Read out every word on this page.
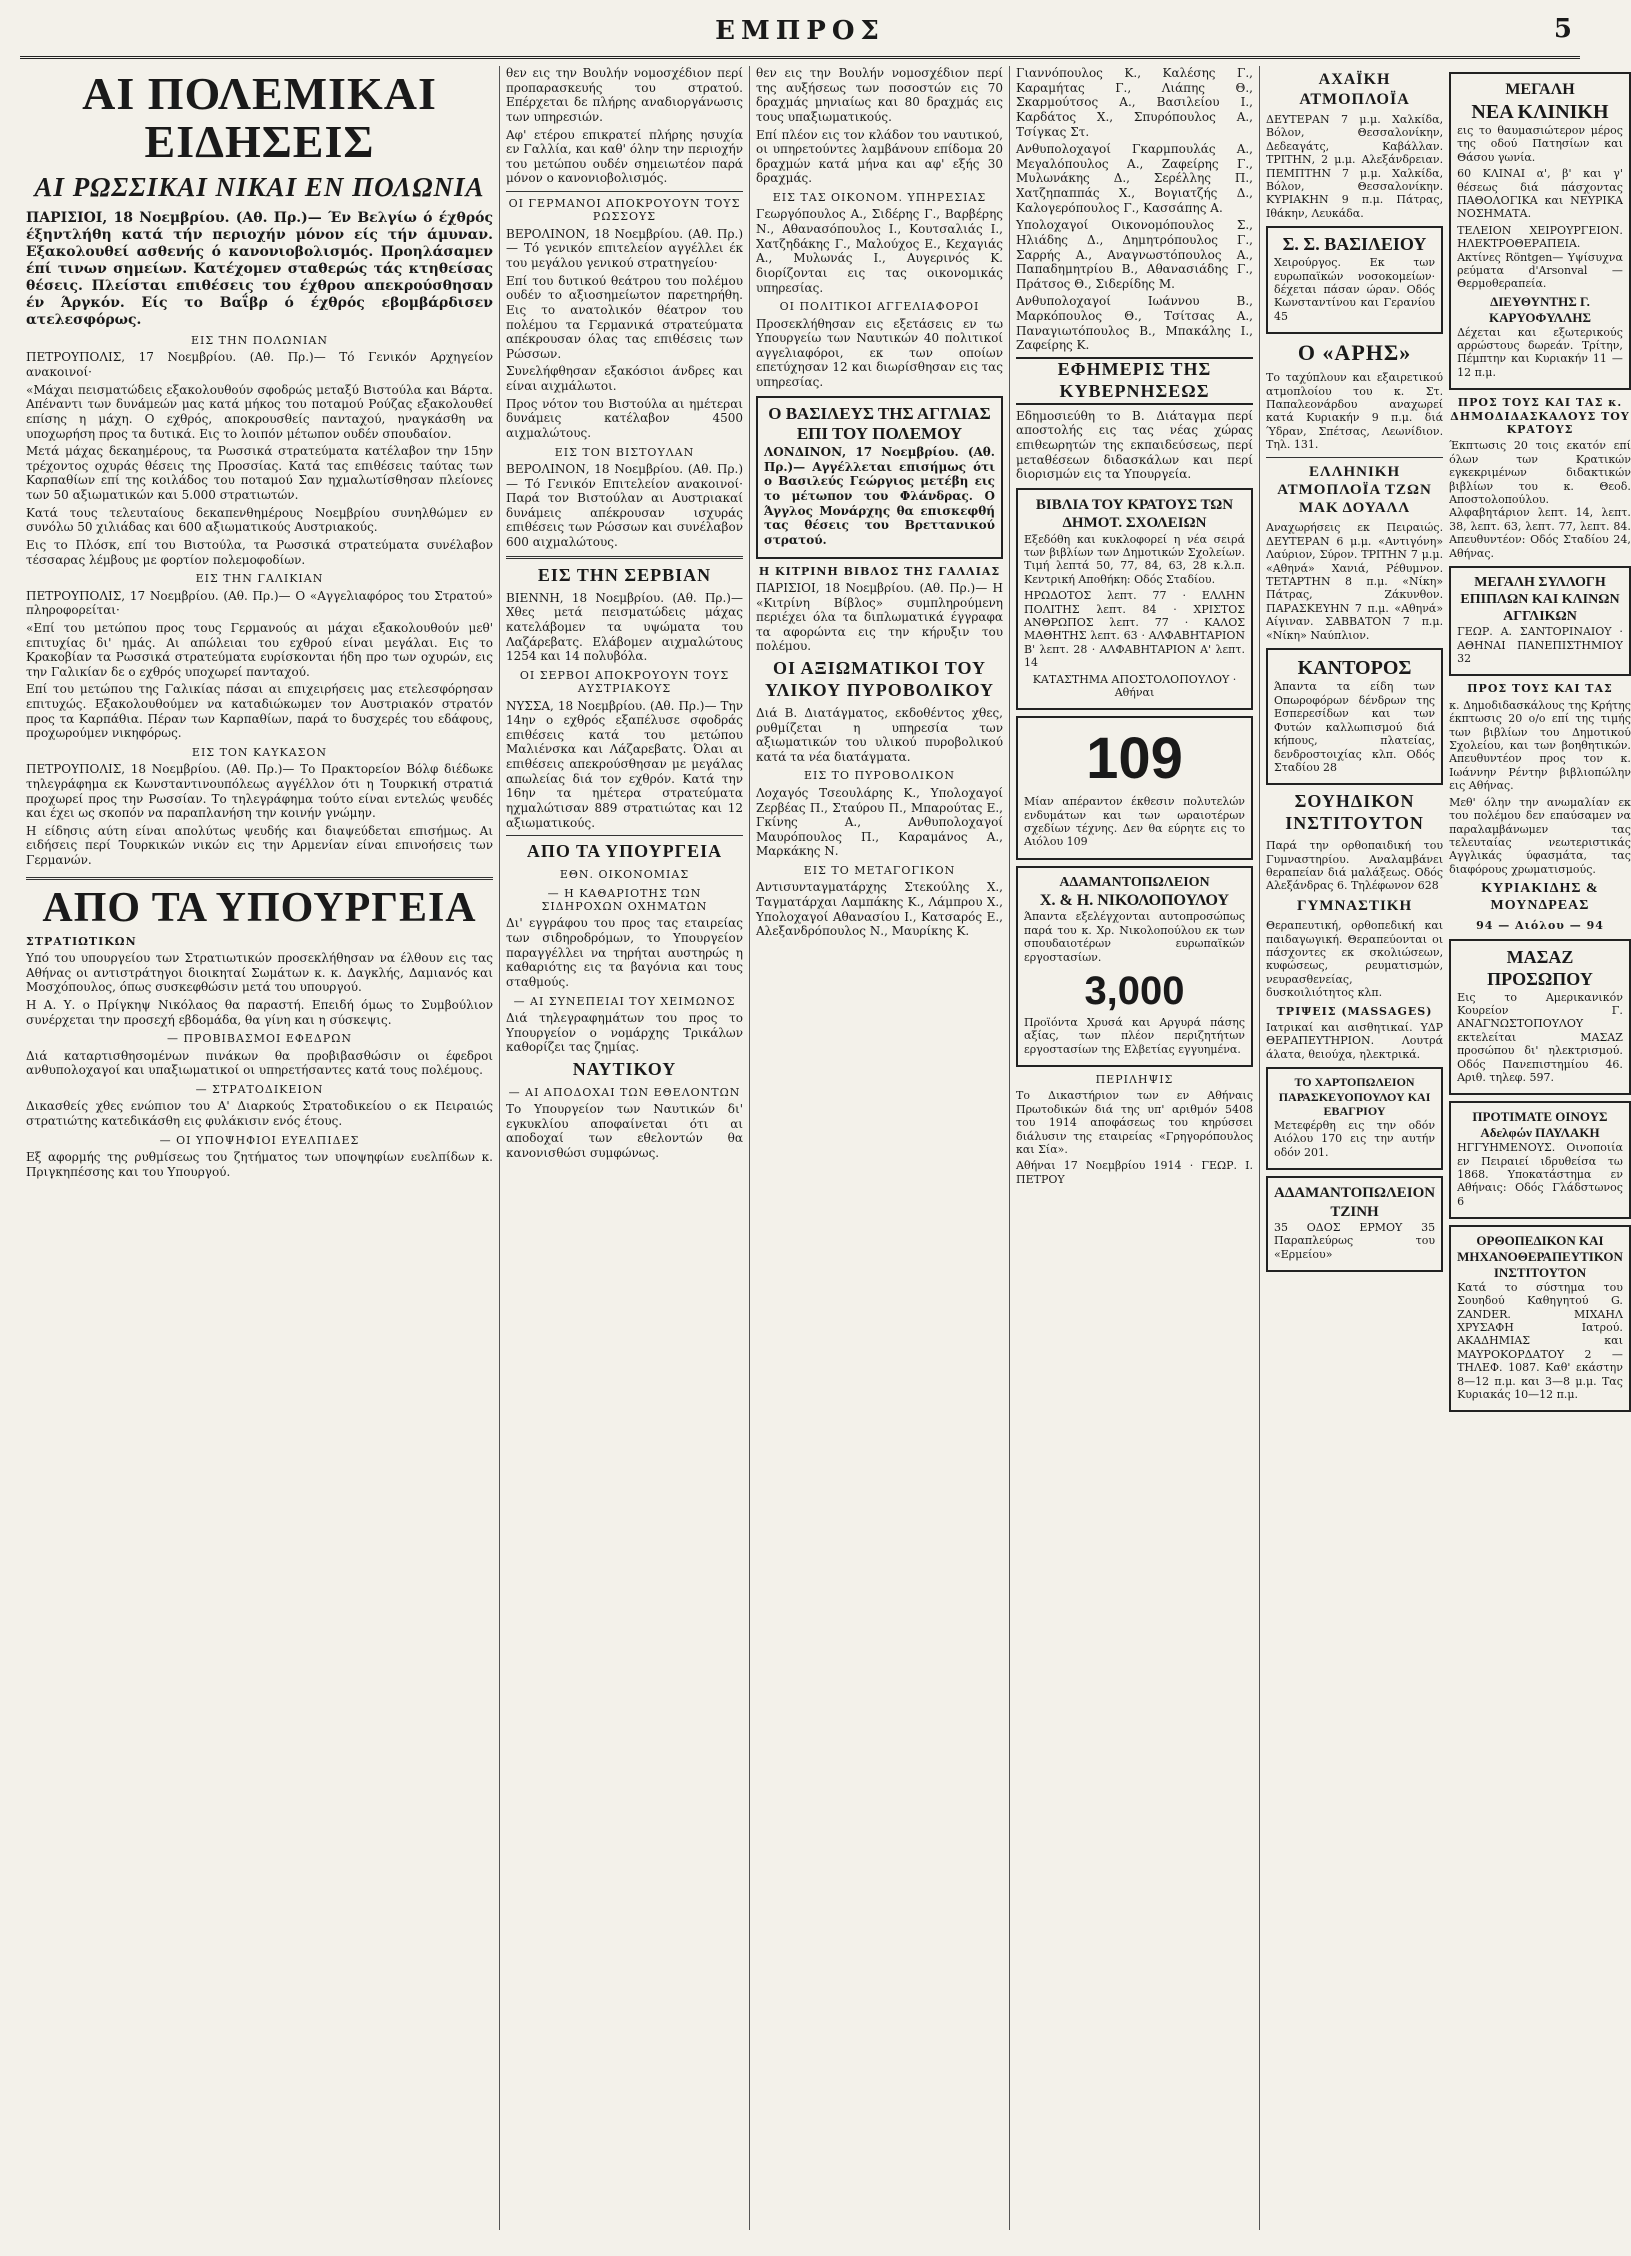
ΕΜΠΡΟΣ	5
ΑΙ ΠΟΛΕΜΙΚΑΙ ΕΙΔΗΣΕΙΣ
ΑΙ ΡΩΣΣΙΚΑΙ ΝΙΚΑΙ ΕΝ ΠΟΛΩΝΙΑ

ΠΑΡΙΣΙΟΙ, 18 Νοεμβρίου. (Αθ. Πρ.)— Έν Βελγίω ό έχθρός έξηντλήθη κατά τήν περιοχήν μόνον είς τήν άμυναν. Εξακολουθεί ασθενής ό κανονιοβολισμός. Προηλάσαμεν έπί τινων σημείων. Κατέχομεν σταθερώς τάς κτηθείσας θέσεις. Πλείσται επιθέσεις του έχθρου απεκρούσθησαν έν Άργκόν. Είς το Βαΐβρ ό έχθρός εβομβάρδισεν ατελεσφόρως.

ΕΙΣ ΤΗΝ ΠΟΛΩΝΙΑΝ

ΠΕΤΡΟΥΠΟΛΙΣ, 17 Νοεμβρίου. (Αθ. Πρ.)— Τό Γενικόν Αρχηγείον ανακοινοί·

«Μάχαι πεισματώδεις εξακολουθούν σφοδρώς μεταξύ Βιστούλα και Βάρτα. Απέναντι των δυνάμεών μας κατά μήκος του ποταμού Ρούζας εξακολουθεί επίσης η μάχη. Ο εχθρός, αποκρουσθείς πανταχού, ηναγκάσθη να υποχωρήση προς τα δυτικά. Εις το λοιπόν μέτωπον ουδέν σπουδαίον.

Μετά μάχας δεκαημέρους, τα Ρωσσικά στρατεύματα κατέλαβον την 15ην τρέχοντος οχυράς θέσεις της Προσσίας. Κατά τας επιθέσεις ταύτας των Καρπαθίων επί της κοιλάδος του ποταμού Σαν ηχμαλωτίσθησαν πλείονες των 50 αξιωματικών και 5.000 στρατιωτών.

Κατά τους τελευταίους δεκαπενθημέρους Νοεμβρίου συνηλθώμεν εν συνόλω 50 χιλιάδας και 600 αξιωματικούς Αυστριακούς.

Εις το Πλόσκ, επί του Βιστούλα, τα Ρωσσικά στρατεύματα συνέλαβον τέσσαρας λέμβους με φορτίον πολεμοφοδίων.

ΕΙΣ ΤΗΝ ΓΑΛΙΚΙΑΝ

ΠΕΤΡΟΥΠΟΛΙΣ, 17 Νοεμβρίου. (Αθ. Πρ.)— Ο «Αγγελιαφόρος του Στρατού» πληροφορείται·

«Επί του μετώπου προς τους Γερμανούς αι μάχαι εξακολουθούν μεθ' επιτυχίας δι' ημάς. Αι απώλειαι του εχθρού είναι μεγάλαι. Εις το Κρακοβίαν τα Ρωσσικά στρατεύματα ευρίσκονται ήδη προ των οχυρών, εις την Γαλικίαν δε ο εχθρός υποχωρεί πανταχού.

Επί του μετώπου της Γαλικίας πάσαι αι επιχειρήσεις μας ετελεσφόρησαν επιτυχώς. Εξακολουθούμεν να καταδιώκωμεν τον Αυστριακόν στρατόν προς τα Καρπάθια. Πέραν των Καρπαθίων, παρά το δυσχερές του εδάφους, προχωρούμεν νικηφόρως.

ΕΙΣ ΤΟΝ ΚΑΥΚΑΣΟΝ

ΠΕΤΡΟΥΠΟΛΙΣ, 18 Νοεμβρίου. (Αθ. Πρ.)— Το Πρακτορείον Βόλφ διέδωκε τηλεγράφημα εκ Κωνσταντινουπόλεως αγγέλλον ότι η Τουρκική στρατιά προχωρεί προς την Ρωσσίαν. Το τηλεγράφημα τούτο είναι εντελώς ψευδές και έχει ως σκοπόν να παραπλανήση την κοινήν γνώμην.

Η είδησις αύτη είναι απολύτως ψευδής και διαψεύδεται επισήμως. Αι ειδήσεις περί Τουρκικών νικών εις την Αρμενίαν είναι επινοήσεις των Γερμανών.

ΑΠΟ ΤΑ ΥΠΟΥΡΓΕΙΑ
ΣΤΡΑΤΙΩΤΙΚΩΝ

Υπό του υπουργείου των Στρατιωτικών προσεκλήθησαν να έλθουν εις τας Αθήνας οι αντιστράτηγοι διοικηταί Σωμάτων κ. κ. Δαγκλής, Δαμιανός και Μοσχόπουλος, όπως συσκεφθώσιν μετά του υπουργού.

Η Α. Υ. ο Πρίγκηψ Νικόλαος θα παραστή. Επειδή όμως το Συμβούλιον συνέρχεται την προσεχή εβδομάδα, θα γίνη και η σύσκεψις.

— ΠΡΟΒΙΒΑΣΜΟΙ ΕΦΕΔΡΩΝ

Διά καταρτισθησομένων πινάκων θα προβιβασθώσιν οι έφεδροι ανθυπολοχαγοί και υπαξιωματικοί οι υπηρετήσαντες κατά τους πολέμους.

— ΣΤΡΑΤΟΔΙΚΕΙΟΝ

Δικασθείς χθες ενώπιον του Α' Διαρκούς Στρατοδικείου ο εκ Πειραιώς στρατιώτης κατεδικάσθη εις φυλάκισιν ενός έτους.

— ΟΙ ΥΠΟΨΗΦΙΟΙ ΕΥΕΛΠΙΔΕΣ

Εξ αφορμής της ρυθμίσεως του ζητήματος των υποψηφίων ευελπίδων κ. Πριγκηπέσσης και του Υπουργού.

θεν εις την Βουλήν νομοσχέδιον περί προπαρασκευής του στρατού. Επέρχεται δε πλήρης αναδιοργάνωσις των υπηρεσιών.

Αφ' ετέρου επικρατεί πλήρης ησυχία εν Γαλλία, και καθ' όλην την περιοχήν του μετώπου ουδέν σημειωτέον παρά μόνον ο κανονιοβολισμός.

ΟΙ ΓΕΡΜΑΝΟΙ ΑΠΟΚΡΟΥΟΥΝ ΤΟΥΣ ΡΩΣΣΟΥΣ

ΒΕΡΟΛΙΝΟΝ, 18 Νοεμβρίου. (Αθ. Πρ.)— Τό γενικόν επιτελείον αγγέλλει έκ του μεγάλου γενικού στρατηγείου·

Επί του δυτικού θεάτρου του πολέμου ουδέν το αξιοσημείωτον παρετηρήθη. Εις το ανατολικόν θέατρον του πολέμου τα Γερμανικά στρατεύματα απέκρουσαν όλας τας επιθέσεις των Ρώσσων.

Συνελήφθησαν εξακόσιοι άνδρες και είναι αιχμάλωτοι.

Προς νότον του Βιστούλα αι ημέτεραι δυνάμεις κατέλαβον 4500 αιχμαλώτους.

ΕΙΣ ΤΟΝ ΒΙΣΤΟΥΛΑΝ

ΒΕΡΟΛΙΝΟΝ, 18 Νοεμβρίου. (Αθ. Πρ.)— Τό Γενικόν Επιτελείον ανακοινοί· Παρά τον Βιστούλαν αι Αυστριακαί δυνάμεις απέκρουσαν ισχυράς επιθέσεις των Ρώσσων και συνέλαβον 600 αιχμαλώτους.

ΕΙΣ ΤΗΝ ΣΕΡΒΙΑΝ

ΒΙΕΝΝΗ, 18 Νοεμβρίου. (Αθ. Πρ.)— Χθες μετά πεισματώδεις μάχας κατελάβομεν τα υψώματα του Λαζάρεβατς. Ελάβομεν αιχμαλώτους 1254 και 14 πολυβόλα.

ΟΙ ΣΕΡΒΟΙ ΑΠΟΚΡΟΥΟΥΝ ΤΟΥΣ ΑΥΣΤΡΙΑΚΟΥΣ

ΝΥΣΣΑ, 18 Νοεμβρίου. (Αθ. Πρ.)— Την 14ην ο εχθρός εξαπέλυσε σφοδράς επιθέσεις κατά του μετώπου Μαλιένσκα και Λάζαρεβατς. Όλαι αι επιθέσεις απεκρούσθησαν με μεγάλας απωλείας διά τον εχθρόν. Κατά την 16ην τα ημέτερα στρατεύματα ηχμαλώτισαν 889 στρατιώτας και 12 αξιωματικούς.

ΑΠΟ ΤΑ ΥΠΟΥΡΓΕΙΑ
ΕΘΝ. ΟΙΚΟΝΟΜΙΑΣ
— Η ΚΑΘΑΡΙΟΤΗΣ ΤΩΝ ΣΙΔΗΡΟΧΩΝ ΟΧΗΜΑΤΩΝ

Δι' εγγράφου του προς τας εταιρείας των σιδηροδρόμων, το Υπουργείον παραγγέλλει να τηρήται αυστηρώς η καθαριότης εις τα βαγόνια και τους σταθμούς.

— ΑΙ ΣΥΝΕΠΕΙΑΙ ΤΟΥ ΧΕΙΜΩΝΟΣ

Διά τηλεγραφημάτων του προς το Υπουργείον ο νομάρχης Τρικάλων καθορίζει τας ζημίας.

ΝΑΥΤΙΚΟΥ
— ΑΙ ΑΠΟΔΟΧΑΙ ΤΩΝ ΕΘΕΛΟΝΤΩΝ

Το Υπουργείον των Ναυτικών δι' εγκυκλίου αποφαίνεται ότι αι αποδοχαί των εθελοντών θα κανονισθώσι συμφώνως.

θεν εις την Βουλήν νομοσχέδιον περί της αυξήσεως των ποσοστών εις 70 δραχμάς μηνιαίως και 80 δραχμάς εις τους υπαξιωματικούς.

Επί πλέον εις τον κλάδον του ναυτικού, οι υπηρετούντες λαμβάνουν επίδομα 20 δραχμών κατά μήνα και αφ' εξής 30 δραχμάς.

ΕΙΣ ΤΑΣ ΟΙΚΟΝΟΜ. ΥΠΗΡΕΣΙΑΣ

Γεωργόπουλος Α., Σιδέρης Γ., Βαρβέρης Ν., Αθανασόπουλος Ι., Κουτσαλιάς Ι., Χατζηδάκης Γ., Μαλούχος Ε., Κεχαγιάς Α., Μυλωνάς Ι., Αυγερινός Κ. διορίζονται εις τας οικονομικάς υπηρεσίας.

ΟΙ ΠΟΛΙΤΙΚΟΙ ΑΓΓΕΛΙΑΦΟΡΟΙ

Προσεκλήθησαν εις εξετάσεις εν τω Υπουργείω των Ναυτικών 40 πολιτικοί αγγελιαφόροι, εκ των οποίων επετύχησαν 12 και διωρίσθησαν εις τας υπηρεσίας.

Ο ΒΑΣΙΛΕΥΣ ΤΗΣ ΑΓΓΛΙΑΣ ΕΠΙ ΤΟΥ ΠΟΛΕΜΟΥ

ΛΟΝΔΙΝΟΝ, 17 Νοεμβρίου. (Αθ. Πρ.)— Αγγέλλεται επισήμως ότι ο Βασιλεύς Γεώργιος μετέβη εις το μέτωπον του Φλάνδρας. Ο Άγγλος Μονάρχης θα επισκεφθή τας θέσεις του Βρεττανικού στρατού.

Η ΚΙΤΡΙΝΗ ΒΙΒΛΟΣ ΤΗΣ ΓΑΛΛΙΑΣ

ΠΑΡΙΣΙΟΙ, 18 Νοεμβρίου. (Αθ. Πρ.)— Η «Κιτρίνη Βίβλος» συμπληρούμενη περιέχει όλα τα διπλωματικά έγγραφα τα αφορώντα εις την κήρυξιν του πολέμου.

ΟΙ ΑΞΙΩΜΑΤΙΚΟΙ ΤΟΥ ΥΛΙΚΟΥ ΠΥΡΟΒΟΛΙΚΟΥ

Διά Β. Διατάγματος, εκδοθέντος χθες, ρυθμίζεται η υπηρεσία των αξιωματικών του υλικού πυροβολικού κατά τα νέα διατάγματα.

ΕΙΣ ΤΟ ΠΥΡΟΒΟΛΙΚΟΝ

Λοχαγός Τσεουλάρης Κ., Υπολοχαγοί Ζερβέας Π., Σταύρου Π., Μπαρούτας Ε., Γκίνης Α., Ανθυπολοχαγοί Μαυρόπουλος Π., Καραμάνος Α., Μαρκάκης Ν.

ΕΙΣ ΤΟ ΜΕΤΑΓΟΓΙΚΟΝ

Αντισυνταγματάρχης Στεκούλης Χ., Ταγματάρχαι Λαμπάκης Κ., Λάμπρου Χ., Υπολοχαγοί Αθανασίου Ι., Κατσαρός Ε., Αλεξανδρόπουλος Ν., Μαυρίκης Κ.

Γιαννόπουλος Κ., Καλέσης Γ., Καραμήτας Γ., Λιάπης Θ., Σκαρμούτσος Α., Βασιλείου Ι., Καρδάτος Χ., Σπυρόπουλος Α., Τσίγκας Στ.

Ανθυπολοχαγοί Γκαρμπουλάς Α., Μεγαλόπουλος Α., Ζαφείρης Γ., Μυλωνάκης Δ., Σερέλλης Π., Χατζηπαππάς Χ., Βογιατζής Δ., Καλογερόπουλος Γ., Κασσάπης Α.

Υπολοχαγοί Οικονομόπουλος Σ., Ηλιάδης Δ., Δημητρόπουλος Γ., Σαρρής Α., Αναγνωστόπουλος Α., Παπαδημητρίου Β., Αθανασιάδης Γ., Πράτσος Θ., Σιδερίδης Μ.

Ανθυπολοχαγοί Ιωάννου Β., Μαρκόπουλος Θ., Τσίτσας Α., Παναγιωτόπουλος Β., Μπακάλης Ι., Ζαφείρης Κ.

ΕΦΗΜΕΡΙΣ ΤΗΣ ΚΥΒΕΡΝΗΣΕΩΣ

Εδημοσιεύθη το Β. Διάταγμα περί αποστολής εις τας νέας χώρας επιθεωρητών της εκπαιδεύσεως, περί μεταθέσεων διδασκάλων και περί διορισμών εις τα Υπουργεία.

ΒΙΒΛΙΑ ΤΟΥ ΚΡΑΤΟΥΣ ΤΩΝ ΔΗΜΟΤ. ΣΧΟΛΕΙΩΝ

Εξεδόθη και κυκλοφορεί η νέα σειρά των βιβλίων των Δημοτικών Σχολείων. Τιμή λεπτά 50, 77, 84, 63, 28 κ.λ.π. Κεντρική Αποθήκη: Οδός Σταδίου.

ΗΡΩΔΟΤΟΣ λεπτ. 77 · ΕΛΛΗΝ ΠΟΛΙΤΗΣ λεπτ. 84 · ΧΡΙΣΤΟΣ ΑΝΘΡΩΠΟΣ λεπτ. 77 · ΚΑΛΟΣ ΜΑΘΗΤΗΣ λεπτ. 63 · ΑΛΦΑΒΗΤΑΡΙΟΝ Β' λεπτ. 28 · ΑΛΦΑΒΗΤΑΡΙΟΝ Α' λεπτ. 14

ΚΑΤΑΣΤΗΜΑ ΑΠΟΣΤΟΛΟΠΟΥΛΟΥ · Αθήναι

109

Μίαν απέραντον έκθεσιν πολυτελών ενδυμάτων και των ωραιοτέρων σχεδίων τέχνης. Δεν θα εύρητε εις το Αιόλου 109

ΑΔΑΜΑΝΤΟΠΩΛΕΙΟΝ
Χ. & Η. ΝΙΚΟΛΟΠΟΥΛΟΥ

Άπαντα εξελέγχονται αυτοπροσώπως παρά του κ. Χρ. Νικολοπούλου εκ των σπουδαιοτέρων ευρωπαϊκών εργοστασίων.

3,000

Προϊόντα Χρυσά και Αργυρά πάσης αξίας, των πλέον περιζητήτων εργοστασίων της Ελβετίας εγγυημένα.

ΠΕΡΙΛΗΨΙΣ

Το Δικαστήριον των εν Αθήναις Πρωτοδικών διά της υπ' αριθμόν 5408 του 1914 αποφάσεως του κηρύσσει διάλυσιν της εταιρείας «Γρηγορόπουλος και Σία».

Αθήναι 17 Νοεμβρίου 1914 · ΓΕΩΡ. Ι. ΠΕΤΡΟΥ

ΑΧΑΪΚΗ ΑΤΜΟΠΛΟΪΑ

ΔΕΥΤΕΡΑΝ 7 μ.μ. Χαλκίδα, Βόλον, Θεσσαλονίκην, Δεδεαγάτς, Καβάλλαν. ΤΡΙΤΗΝ, 2 μ.μ. Αλεξάνδρειαν. ΠΕΜΠΤΗΝ 7 μ.μ. Χαλκίδα, Βόλον, Θεσσαλονίκην. ΚΥΡΙΑΚΗΝ 9 π.μ. Πάτρας, Ιθάκην, Λευκάδα.

Σ. Σ. ΒΑΣΙΛΕΙΟΥ

Χειρούργος. Εκ των ευρωπαϊκών νοσοκομείων· δέχεται πάσαν ώραν. Οδός Κωνσταντίνου και Γερανίου 45

Ο «ΑΡΗΣ»

Το ταχύπλουν και εξαιρετικού ατμοπλοίου του κ. Στ. Παπαλεονάρδου αναχωρεί κατά Κυριακήν 9 π.μ. διά Ύδραν, Σπέτσας, Λεωνίδιον. Τηλ. 131.

ΕΛΛΗΝΙΚΗ ΑΤΜΟΠΛΟΪΑ ΤΖΩΝ ΜΑΚ ΔΟΥΑΛΛ

Αναχωρήσεις εκ Πειραιώς. ΔΕΥΤΕΡΑΝ 6 μ.μ. «Αντιγόνη» Λαύριον, Σύρον. ΤΡΙΤΗΝ 7 μ.μ. «Αθηνά» Χανιά, Ρέθυμνον. ΤΕΤΑΡΤΗΝ 8 π.μ. «Νίκη» Πάτρας, Ζάκυνθον. ΠΑΡΑΣΚΕΥΗΝ 7 π.μ. «Αθηνά» Αίγιναν. ΣΑΒΒΑΤΟΝ 7 π.μ. «Νίκη» Ναύπλιον.

ΚΑΝΤΟΡΟΣ

Άπαντα τα είδη των Οπωροφόρων δένδρων της Εσπερεσίδων και των Φυτών καλλωπισμού διά κήπους, πλατείας, δενδροστοιχίας κλπ. Οδός Σταδίου 28

ΣΟΥΗΔΙΚΟΝ ΙΝΣΤΙΤΟΥΤΟΝ

Παρά την ορθοπαιδική του Γυμναστηρίου. Αναλαμβάνει θεραπείαν διά μαλάξεως. Οδός Αλεξάνδρας 6. Τηλέφωνον 628

ΓΥΜΝΑΣΤΙΚΗ

Θεραπευτική, ορθοπεδική και παιδαγωγική. Θεραπεύονται οι πάσχοντες εκ σκολιώσεων, κυφώσεως, ρευματισμών, νευρασθενείας, δυσκοιλιότητος κλπ.

ΤΡΙΨΕΙΣ (MASSAGES)

Ιατρικαί και αισθητικαί. ΥΔΡ ΘΕΡΑΠΕΥΤΗΡΙΟΝ. Λουτρά άλατα, θειούχα, ηλεκτρικά.

ΤΟ ΧΑΡΤΟΠΩΛΕΙΟΝ ΠΑΡΑΣΚΕΥΟΠΟΥΛΟΥ ΚΑΙ ΕΒΑΓΡΙΟΥ

Μετεφέρθη εις την οδόν Αιόλου 170 εις την αυτήν οδόν 201.

ΑΔΑΜΑΝΤΟΠΩΛΕΙΟΝ ΤΖΙΝΗ

35 ΟΔΟΣ ΕΡΜΟΥ 35 Παραπλεύρως του «Ερμείου»

ΜΕΓΑΛΗ
ΝΕΑ ΚΛΙΝΙΚΗ

εις το θαυμασιώτερον μέρος της οδού Πατησίων και Θάσου γωνία.

60 ΚΛΙΝΑΙ α', β' και γ' θέσεως διά πάσχοντας ΠΑΘΟΛΟΓΙΚΑ και ΝΕΥΡΙΚΑ ΝΟΣΗΜΑΤΑ.

ΤΕΛΕΙΟΝ ΧΕΙΡΟΥΡΓΕΙΟΝ. ΗΛΕΚΤΡΟΘΕΡΑΠΕΙΑ. Ακτίνες Röntgen— Υψίσυχνα ρεύματα d'Arsonval — Θερμοθεραπεία.

ΔΙΕΥΘΥΝΤΗΣ Γ. ΚΑΡΥΟΦΥΛΛΗΣ

Δέχεται και εξωτερικούς αρρώστους δωρεάν. Τρίτην, Πέμπτην και Κυριακήν 11 — 12 π.μ.

ΠΡΟΣ ΤΟΥΣ ΚΑΙ ΤΑΣ κ. ΔΗΜΟΔΙΔΑΣΚΑΛΟΥΣ ΤΟΥ ΚΡΑΤΟΥΣ

Έκπτωσις 20 τοις εκατόν επί όλων των Κρατικών εγκεκριμένων διδακτικών βιβλίων του κ. Θεοδ. Αποστολοπούλου. Αλφαβητάριον λεπτ. 14, λεπτ. 38, λεπτ. 63, λεπτ. 77, λεπτ. 84. Απευθυντέον: Οδός Σταδίου 24, Αθήνας.

ΜΕΓΑΛΗ ΣΥΛΛΟΓΗ ΕΠΙΠΛΩΝ ΚΑΙ ΚΛΙΝΩΝ ΑΓΓΛΙΚΩΝ

ΓΕΩΡ. Α. ΣΑΝΤΟΡΙΝΑΙΟΥ · ΑΘΗΝΑΙ ΠΑΝΕΠΙΣΤΗΜΙΟΥ 32

ΠΡΟΣ ΤΟΥΣ ΚΑΙ ΤΑΣ

κ. Δημοδιδασκάλους της Κρήτης έκπτωσις 20 ο/ο επί της τιμής των βιβλίων του Δημοτικού Σχολείου, και των βοηθητικών. Απευθυντέον προς τον κ. Ιωάννην Ρέντην βιβλιοπώλην εις Αθήνας.

Μεθ' όλην την ανωμαλίαν εκ του πολέμου δεν επαύσαμεν να παραλαμβάνωμεν τας τελευταίας νεωτεριστικάς Αγγλικάς ύφασμάτα, τας διαφόρους χρωματισμούς.

ΚΥΡΙΑΚΙΔΗΣ & ΜΟΥΝΔΡΕΑΣ
94 — Αιόλου — 94
ΜΑΣΑΖ ΠΡΟΣΩΠΟΥ

Εις το Αμερικανικόν Κουρείον Γ. ΑΝΑΓΝΩΣΤΟΠΟΥΛΟΥ εκτελείται ΜΑΣΑΖ προσώπου δι' ηλεκτρισμού. Οδός Πανεπιστημίου 46. Αριθ. τηλεφ. 597.

ΠΡΟΤΙΜΑΤΕ ΟΙΝΟΥΣ Αδελφών ΠΑΥΛΑΚΗ

ΗΓΓΥΗΜΕΝΟΥΣ. Οινοποιία εν Πειραιεί ιδρυθείσα τω 1868. Υποκατάστημα εν Αθήναις: Οδός Γλάδστωνος 6

ΟΡΘΟΠΕΔΙΚΟΝ ΚΑΙ ΜΗΧΑΝΟΘΕΡΑΠΕΥΤΙΚΟΝ ΙΝΣΤΙΤΟΥΤΟΝ

Κατά το σύστημα του Σουηδού Καθηγητού G. ZANDER. ΜΙΧΑΗΛ ΧΡΥΣΑΦΗ Ιατρού. ΑΚΑΔΗΜΙΑΣ και ΜΑΥΡΟΚΟΡΔΑΤΟΥ 2 — ΤΗΛΕΦ. 1087. Καθ' εκάστην 8—12 π.μ. και 3—8 μ.μ. Τας Κυριακάς 10—12 π.μ.
